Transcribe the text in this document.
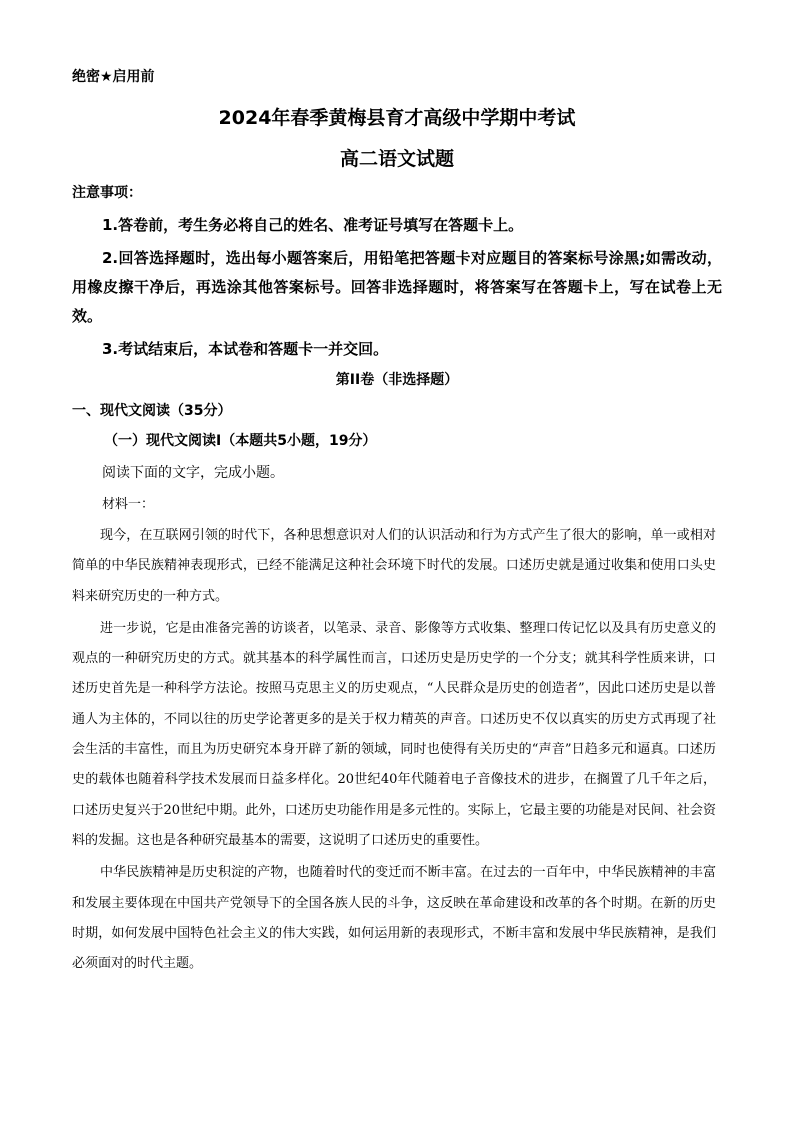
绝密★启用前
2024年春季黄梅县育才高级中学期中考试
高二语文试题
注意事项：

1.答卷前，考生务必将自己的姓名、准考证号填写在答题卡上。

2.回答选择题时，选出每小题答案后，用铅笔把答题卡对应题目的答案标号涂黑;如需改动，用橡皮擦干净后，再选涂其他答案标号。回答非选择题时，将答案写在答题卡上，写在试卷上无效。

3.考试结束后，本试卷和答题卡一并交回。

第II卷（非选择题）
一、现代文阅读（35分）
（一）现代文阅读Ⅰ（本题共5小题，19分）
阅读下面的文字，完成小题。
材料一：

现今，在互联网引领的时代下，各种思想意识对人们的认识活动和行为方式产生了很大的影响，单一或相对简单的中华民族精神表现形式，已经不能满足这种社会环境下时代的发展。口述历史就是通过收集和使用口头史料来研究历史的一种方式。

进一步说，它是由准备完善的访谈者，以笔录、录音、影像等方式收集、整理口传记忆以及具有历史意义的观点的一种研究历史的方式。就其基本的科学属性而言，口述历史是历史学的一个分支；就其科学性质来讲，口述历史首先是一种科学方法论。按照马克思主义的历史观点，“人民群众是历史的创造者”，因此口述历史是以普通人为主体的，不同以往的历史学论著更多的是关于权力精英的声音。口述历史不仅以真实的历史方式再现了社会生活的丰富性，而且为历史研究本身开辟了新的领域，同时也使得有关历史的“声音”日趋多元和逼真。口述历史的载体也随着科学技术发展而日益多样化。20世纪40年代随着电子音像技术的进步，在搁置了几千年之后，口述历史复兴于20世纪中期。此外，口述历史功能作用是多元性的。实际上，它最主要的功能是对民间、社会资料的发掘。这也是各种研究最基本的需要，这说明了口述历史的重要性。

中华民族精神是历史积淀的产物，也随着时代的变迁而不断丰富。在过去的一百年中，中华民族精神的丰富和发展主要体现在中国共产党领导下的全国各族人民的斗争，这反映在革命建设和改革的各个时期。在新的历史时期，如何发展中国特色社会主义的伟大实践，如何运用新的表现形式，不断丰富和发展中华民族精神，是我们必须面对的时代主题。
